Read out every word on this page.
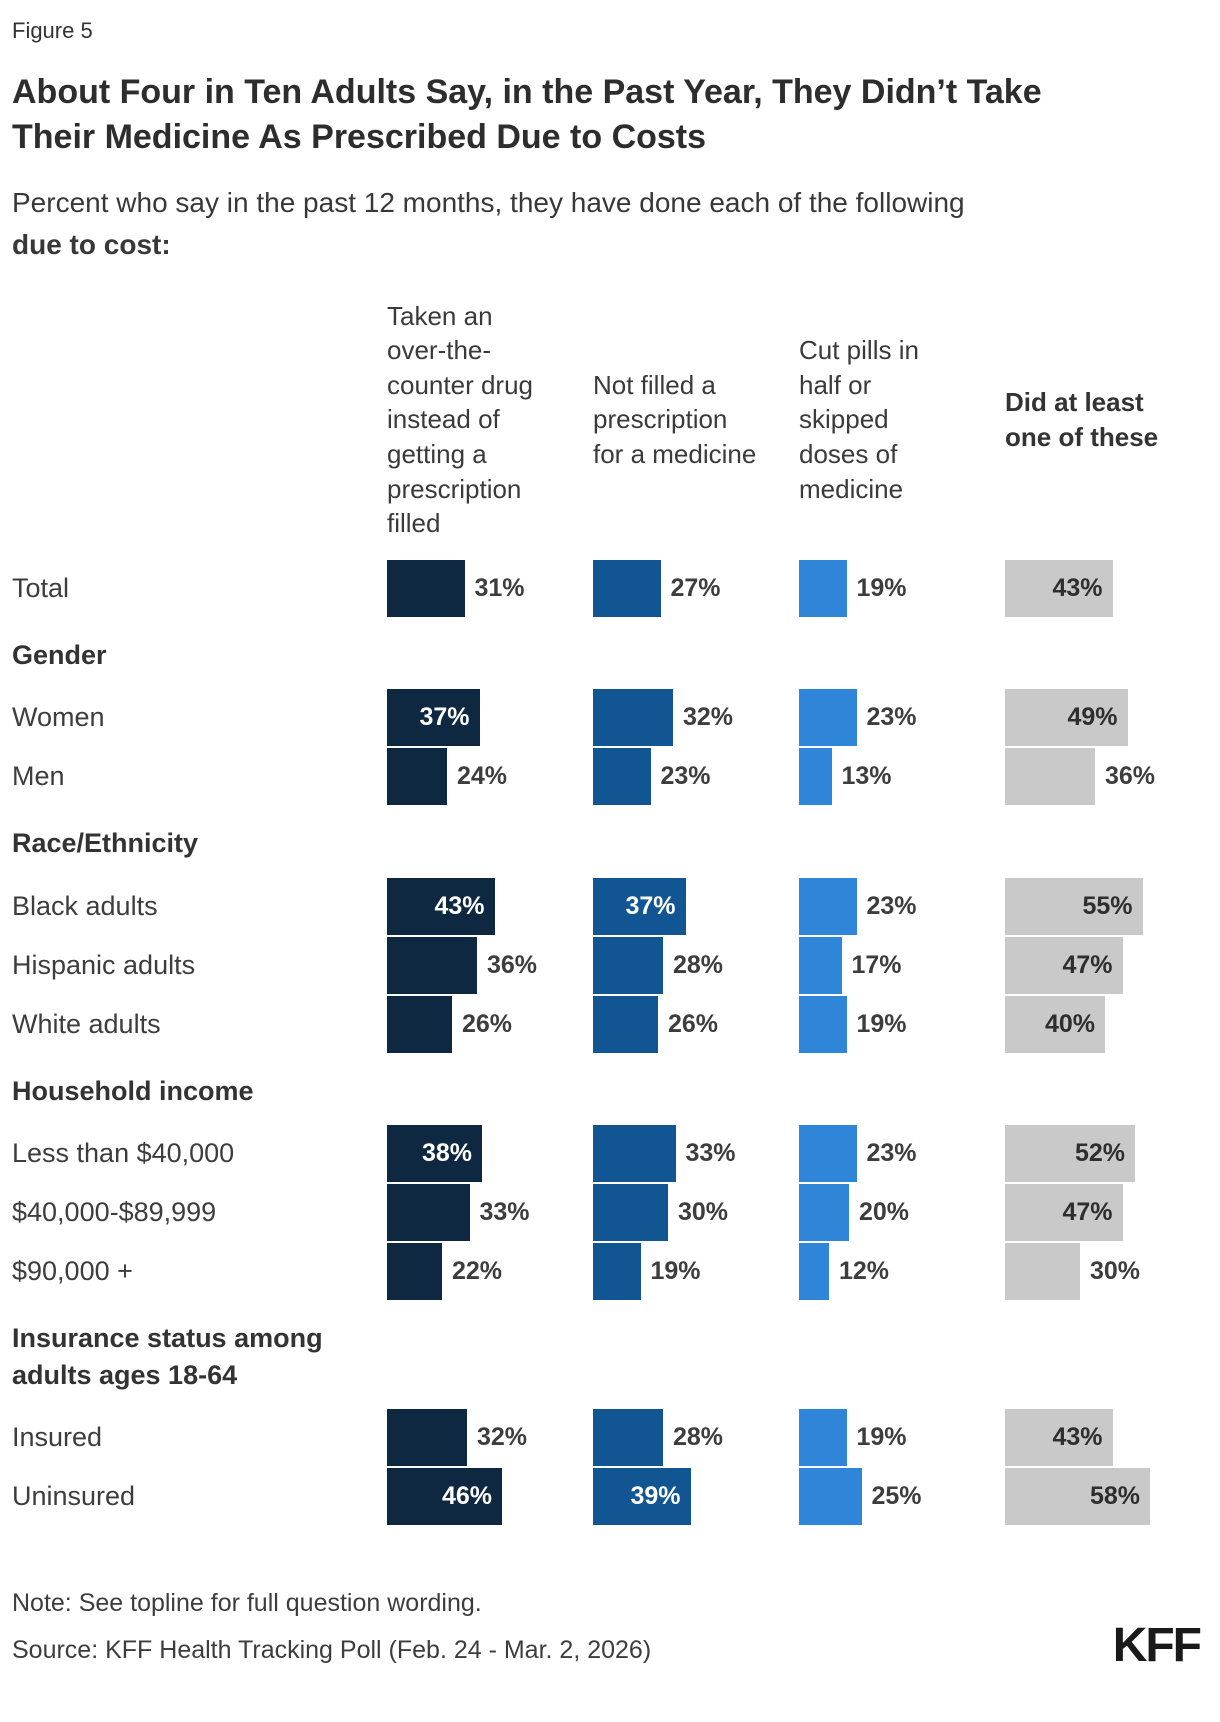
Figure 5
About Four in Ten Adults Say, in the Past Year, They Didn’t Take Their Medicine As Prescribed Due to Costs

Percent who say in the past 12 months, they have done each of the following
due to cost:

Taken an over-the-counter drug instead of getting a prescription filled
Not filled a prescription for a medicine
Cut pills in half or skipped doses of medicine
Did at least one of these
Total	31%	27%	19%	43%
Gender
Women	37%	32%	23%	49%
Men	24%	23%	13%	36%
Race/Ethnicity
Black adults	43%	37%	23%	55%
Hispanic adults	36%	28%	17%	47%
White adults	26%	26%	19%	40%
Household income
Less than $40,000	38%	33%	23%	52%
$40,000-$89,999	33%	30%	20%	47%
$90,000 +	22%	19%	12%	30%
Insurance status among adults ages 18-64
Insured	32%	28%	19%	43%
Uninsured	46%	39%	25%	58%
Note: See topline for full question wording.
Source: KFF Health Tracking Poll (Feb. 24 - Mar. 2, 2026)	KFF
